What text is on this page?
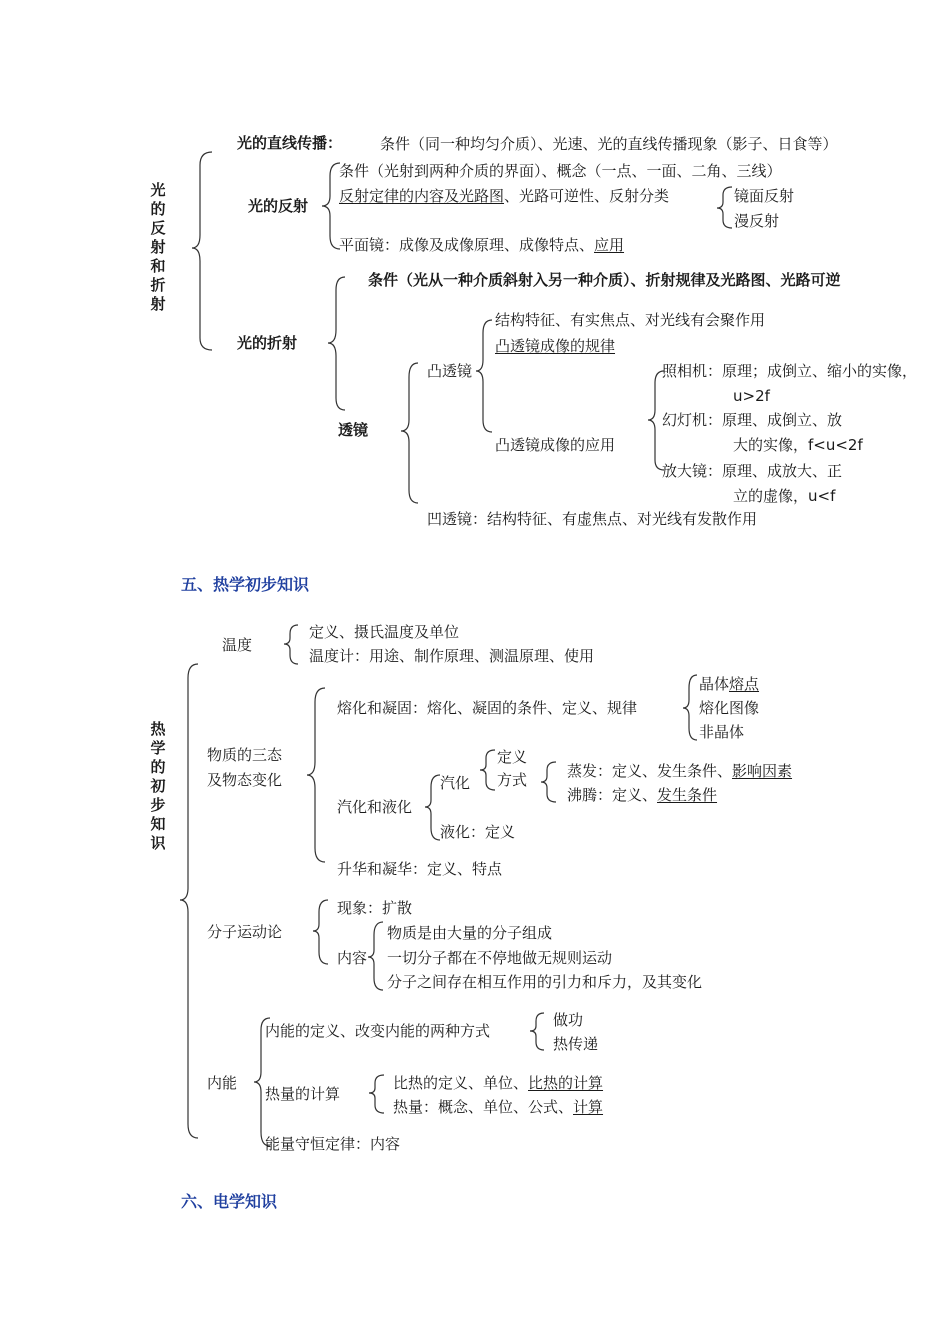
光的反射和折射
光的直线传播：	条件（同一种均匀介质）、光速、光的直线传播现象（影子、日食等）
光的反射
条件（光射到两种介质的界面）、概念（一点、一面、二角、三线）
反射定律的内容及光路图、光路可逆性、反射分类	镜面反射
漫反射
平面镜：成像及成像原理、成像特点、应用
光的折射
条件（光从一种介质斜射入另一种介质）、折射规律及光路图、光路可逆
透镜
凸透镜
结构特征、有实焦点、对光线有会聚作用
凸透镜成像的规律
凸透镜成像的应用
照相机：原理；成倒立、缩小的实像，
u>2f
幻灯机：原理、成倒立、放
大的实像，f<u<2f
放大镜：原理、成放大、正
立的虚像，u<f
凹透镜：结构特征、有虚焦点、对光线有发散作用
五、热学初步知识
热学的初步知识
温度
定义、摄氏温度及单位
温度计：用途、制作原理、测温原理、使用
物质的三态及物态变化
熔化和凝固：熔化、凝固的条件、定义、规律
晶体熔点
熔化图像
非晶体
汽化和液化
汽化
定义
方式	蒸发：定义、发生条件、影响因素
沸腾：定义、发生条件
液化：定义
升华和凝华：定义、特点
分子运动论
现象：扩散
内容
物质是由大量的分子组成
一切分子都在不停地做无规则运动
分子之间存在相互作用的引力和斥力，及其变化
内能
内能的定义、改变内能的两种方式
做功
热传递
热量的计算
比热的定义、单位、比热的计算
热量：概念、单位、公式、计算
能量守恒定律：内容
六、电学知识
